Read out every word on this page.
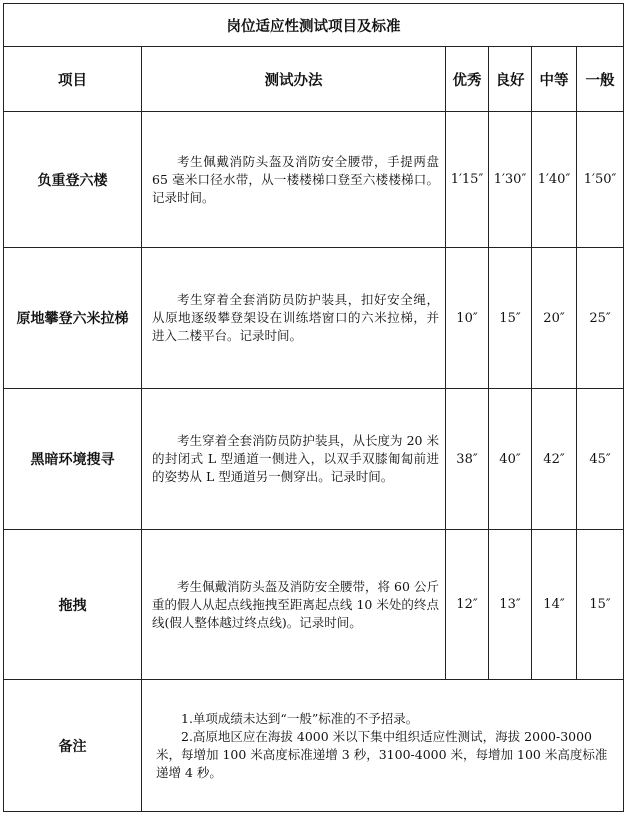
岗位适应性测试项目及标准					
项目	测试办法	优秀	良好	中等	一般
负重登六楼	考生佩戴消防头盔及消防安全腰带，手提两盘 65 毫米口径水带，从一楼楼梯口登至六楼楼梯口。记录时间。	1′15″	1′30″	1′40″	1′50″
原地攀登六米拉梯	考生穿着全套消防员防护装具，扣好安全绳，从原地逐级攀登架设在训练塔窗口的六米拉梯，并进入二楼平台。记录时间。	10″	15″	20″	25″
黑暗环境搜寻	考生穿着全套消防员防护装具，从长度为 20 米的封闭式 L 型通道一侧进入，以双手双膝匍匐前进的姿势从 L 型通道另一侧穿出。记录时间。	38″	40″	42″	45″
拖拽	考生佩戴消防头盔及消防安全腰带，将 60 公斤重的假人从起点线拖拽至距离起点线 10 米处的终点线(假人整体越过终点线)。记录时间。	12″	13″	14″	15″
备注	1.单项成绩未达到“一般”标准的不予招录。

2.高原地区应在海拔 4000 米以下集中组织适应性测试，海拔 2000-3000 米，每增加 100 米高度标准递增 3 秒，3100-4000 米，每增加 100 米高度标准递增 4 秒。				
